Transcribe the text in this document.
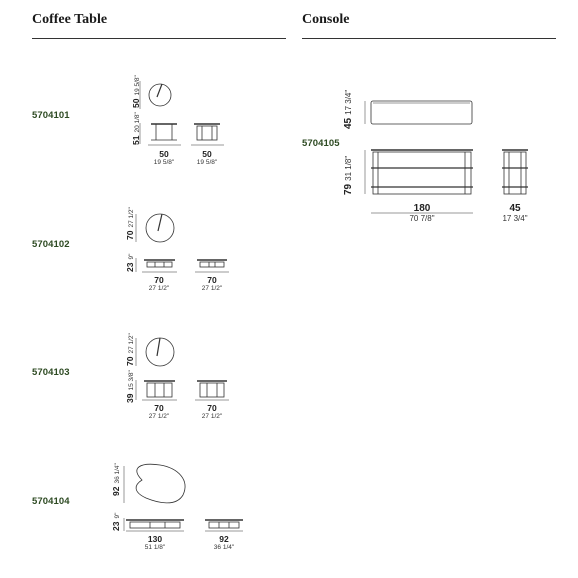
Coffee Table	Console
5704101
5704102
5704103
5704104
5704105
5019 5/8"
5120 1/8"
50
19 5/8"
50
19 5/8"
7027 1/2"
239"
70
27 1/2"
70
27 1/2"
7027 1/2"
3915 3/8"
70
27 1/2"
70
27 1/2"
9236 1/4"
239"
130
51 1/8"
92
36 1/4"
4517 3/4"
7931 1/8"
180
70 7/8"
45
17 3/4"
